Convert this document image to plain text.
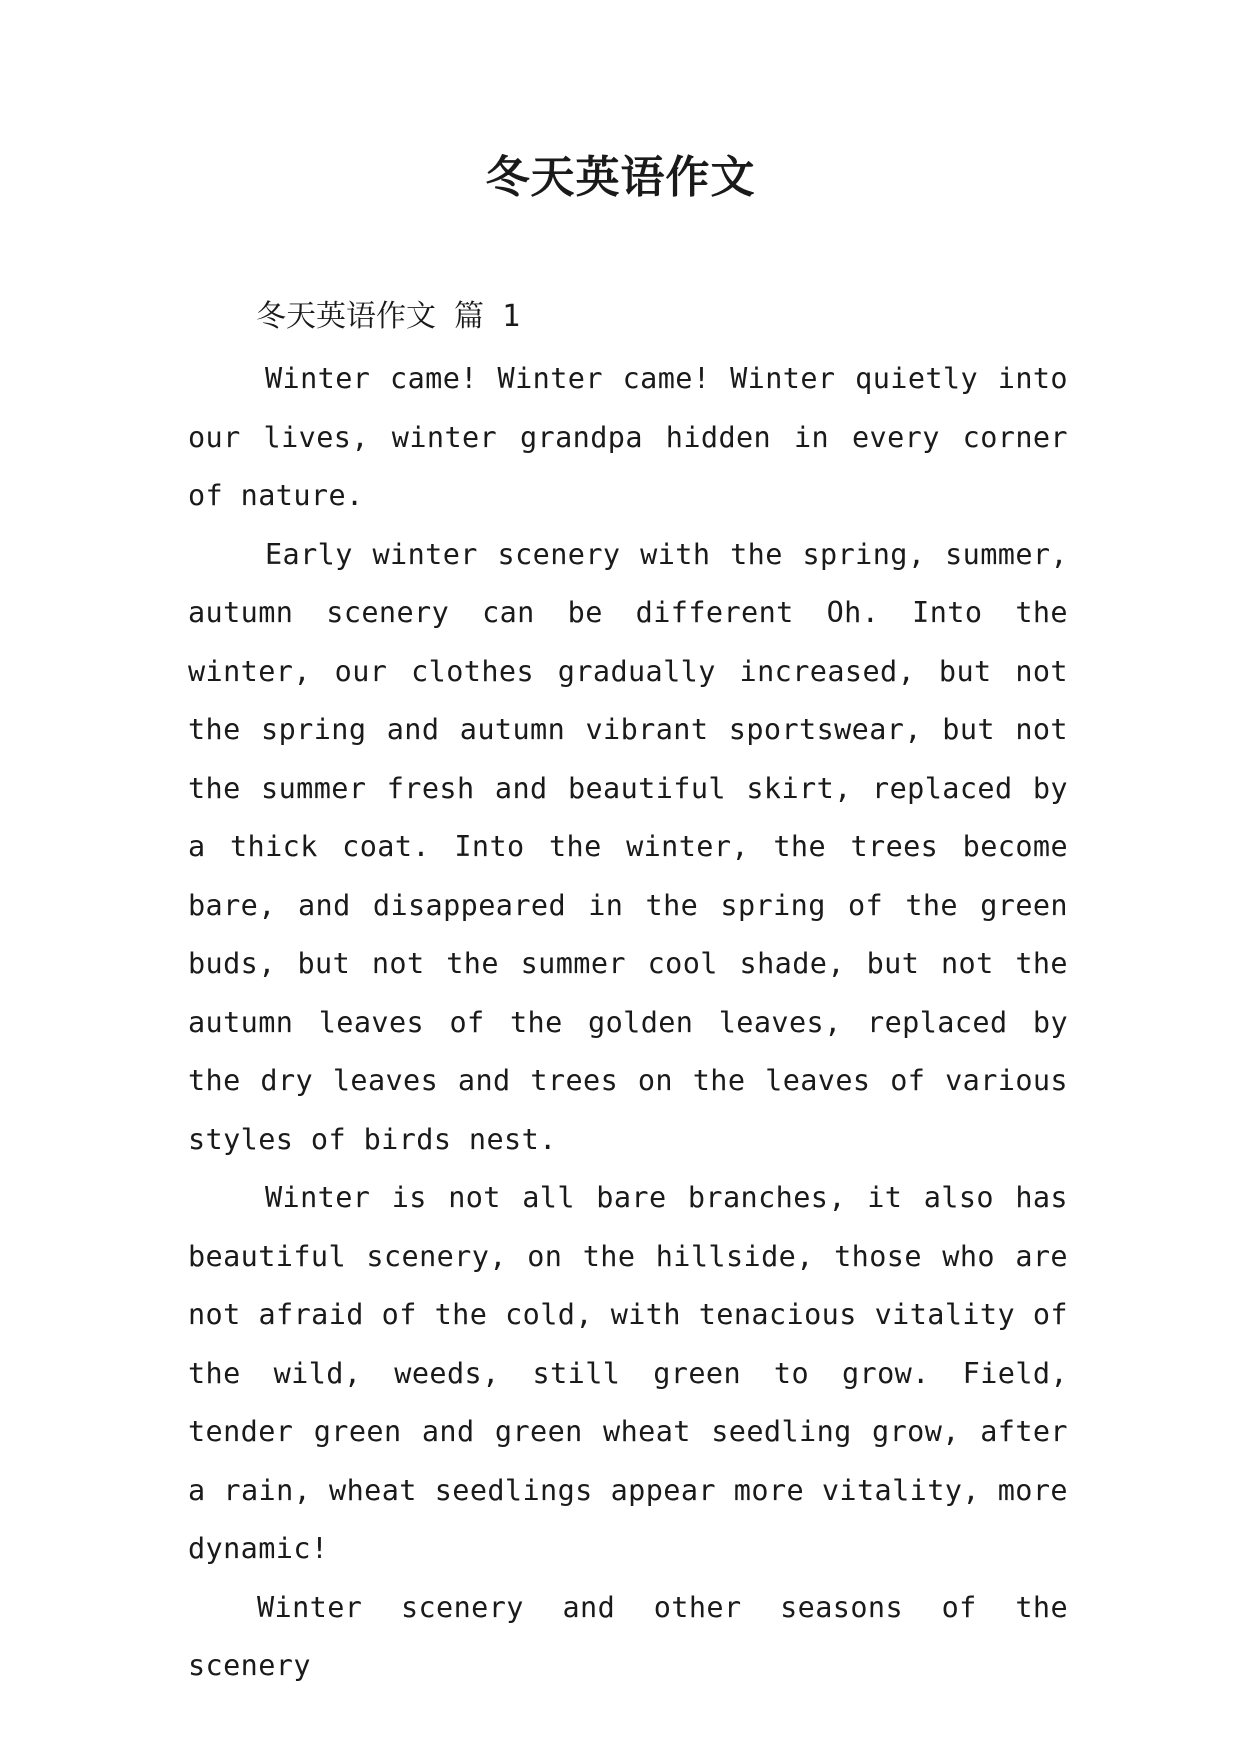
冬天英语作文

冬天英语作文 篇 1

Winter came! Winter came! Winter quietly into our lives, winter grandpa hidden in every corner of nature.

Early winter scenery with the spring, summer, autumn scenery can be different Oh. Into the winter, our clothes gradually increased, but not the spring and autumn vibrant sportswear, but not the summer fresh and beautiful skirt, replaced by a thick coat. Into the winter, the trees become bare, and disappeared in the spring of the green buds, but not the summer cool shade, but not the autumn leaves of the golden leaves, replaced by the dry leaves and trees on the leaves of various styles of birds nest.

Winter is not all bare branches, it also has beautiful scenery, on the hillside, those who are not afraid of the cold, with tenacious vitality of the wild, weeds, still green to grow. Field, tender green and green wheat seedling grow, after a rain, wheat seedlings appear more vitality, more dynamic!

Winter scenery and other seasons of the scenery
